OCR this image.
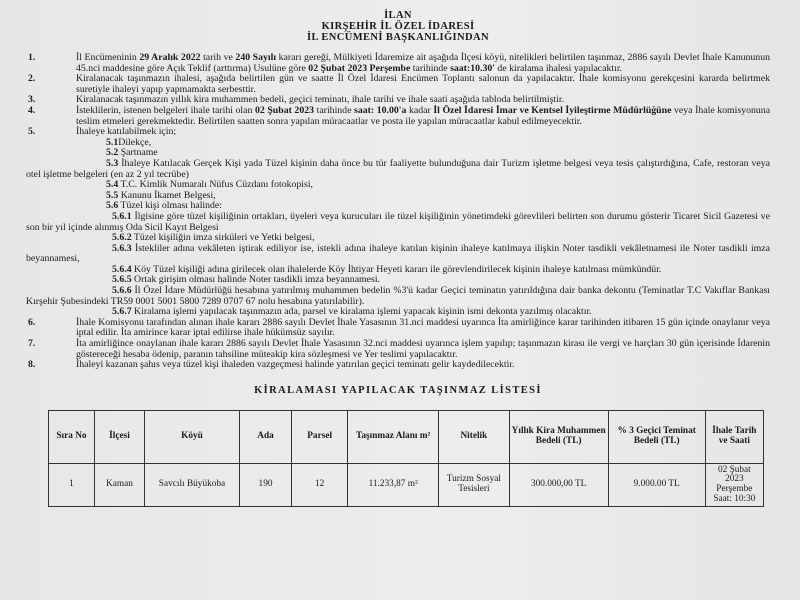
İLAN
KIRŞEHİR İL ÖZEL İDARESİ
İL ENCÜMENİ BAŞKANLIĞINDAN
1.	İl Encümeninin 29 Aralık 2022 tarih ve 240 Sayılı kararı gereği, Mülkiyeti İdaremize ait aşağıda İlçesi köyü, nitelikleri belirtilen taşınmaz, 2886 sayılı Devlet İhale Kanununun 45.nci maddesine göre Açık Teklif (arttırma) Usulüne göre 02 Şubat 2023 Perşembe tarihinde saat:10.30' de kiralama ihalesi yapılacaktır.
2.	Kiralanacak taşınmazın ihalesi, aşağıda belirtilen gün ve saatte İl Özel İdaresi Encümen Toplantı salonun da yapılacaktır. İhale komisyonu gerekçesini kararda belirtmek suretiyle ihaleyi yapıp yapmamakta serbesttir.
3.	Kiralanacak taşınmazın yıllık kira muhammen bedeli, geçici teminatı, ihale tarihi ve ihale saati aşağıda tabloda belirtilmiştir.
4.	İsteklilerin, istenen belgeleri ihale tarihi olan 02 Şubat 2023 tarihinde saat: 10.00'a kadar İl Özel İdaresi İmar ve Kentsel İyileştirme Müdürlüğüne veya İhale komisyonuna teslim etmeleri gerekmektedir. Belirtilen saatten sonra yapılan müracaatlar ve posta ile yapılan müracaatlar kabul edilmeyecektir.
5.	İhaleye katılabilmek için;
5.1Dilekçe,
5.2 Şartname
5.3 İhaleye Katılacak Gerçek Kişi yada Tüzel kişinin daha önce bu tür faaliyette bulunduğuna dair Turizm işletme belgesi veya tesis çalıştırdığına, Cafe, restoran veya otel işletme belgeleri (en az 2 yıl tecrübe)
5.4 T.C. Kimlik Numaralı Nüfus Cüzdanı fotokopisi,
5.5 Kanunu İkamet Belgesi,
5.6 Tüzel kişi olması halinde:
5.6.1 İlgisine göre tüzel kişiliğinin ortakları, üyeleri veya kurucuları ile tüzel kişiliğinin yönetimdeki görevlileri belirten son durumu gösterir Ticaret Sicil Gazetesi ve son bir yıl içinde alınmış Oda Sicil Kayıt Belgesi
5.6.2 Tüzel kişiliğin imza sirküleri ve Yetki belgesi,
5.6.3 İstekliler adına vekâleten iştirak ediliyor ise, istekli adına ihaleye katılan kişinin ihaleye katılmaya ilişkin Noter tasdikli vekâletnamesi ile Noter tasdikli imza beyannamesi,
5.6.4 Köy Tüzel kişiliği adına girilecek olan ihalelerde Köy İhtiyar Heyeti kararı ile görevlendirilecek kişinin ihaleye katılması mümkündür.
5.6.5 Ortak girişim olması halinde Noter tasdikli imza beyannamesi.
5.6.6 İl Özel İdare Müdürlüğü hesabına yatırılmış muhammen bedelin %3'ü kadar Geçici teminatın yatırıldığına dair banka dekontu (Teminatlar T.C Vakıflar Bankası Kırşehir Şubesindeki TR59 0001 5001 5800 7289 0707 67 nolu hesabına yatırılabilir).
5.6.7 Kiralama işlemi yapılacak taşınmazın ada, parsel ve kiralama işlemi yapacak kişinin ismi dekonta yazılmış olacaktır.
6.	İhale Komisyonu tarafından alınan ihale kararı 2886 sayılı Devlet İhale Yasasının 31.nci maddesi uyarınca İta amirliğince karar tarihinden itibaren 15 gün içinde onaylanır veya iptal edilir. İta amirince karar iptal edilirse ihale hükümsüz sayılır.
7.	İta amirliğince onaylanan ihale kararı 2886 sayılı Devlet İhale Yasasının 32.nci maddesi uyarınca işlem yapılıp; taşınmazın kirası ile vergi ve harçları 30 gün içerisinde İdarenin göstereceği hesaba ödenip, paranın tahsiline müteakip kira sözleşmesi ve Yer teslimi yapılacaktır.
8.	İhaleyi kazanan şahıs veya tüzel kişi ihaleden vazgeçmesi halinde yatırılan geçici teminatı gelir kaydedilecektir.
KİRALAMASI YAPILACAK TAŞINMAZ LİSTESİ
Sıra No	İlçesi	Köyü	Ada	Parsel	Taşınmaz Alanı m²	Nitelik	Yıllık Kira Muhammen Bedeli (TL)	% 3 Geçici Teminat Bedeli (TL)	İhale Tarih ve Saati
1	Kaman	Savcılı Büyükoba	190	12	11.233,87 m²	Turizm Sosyal Tesisleri	300.000,00 TL	9.000.00 TL	02 Şubat 2023 Perşembe Saat: 10:30
